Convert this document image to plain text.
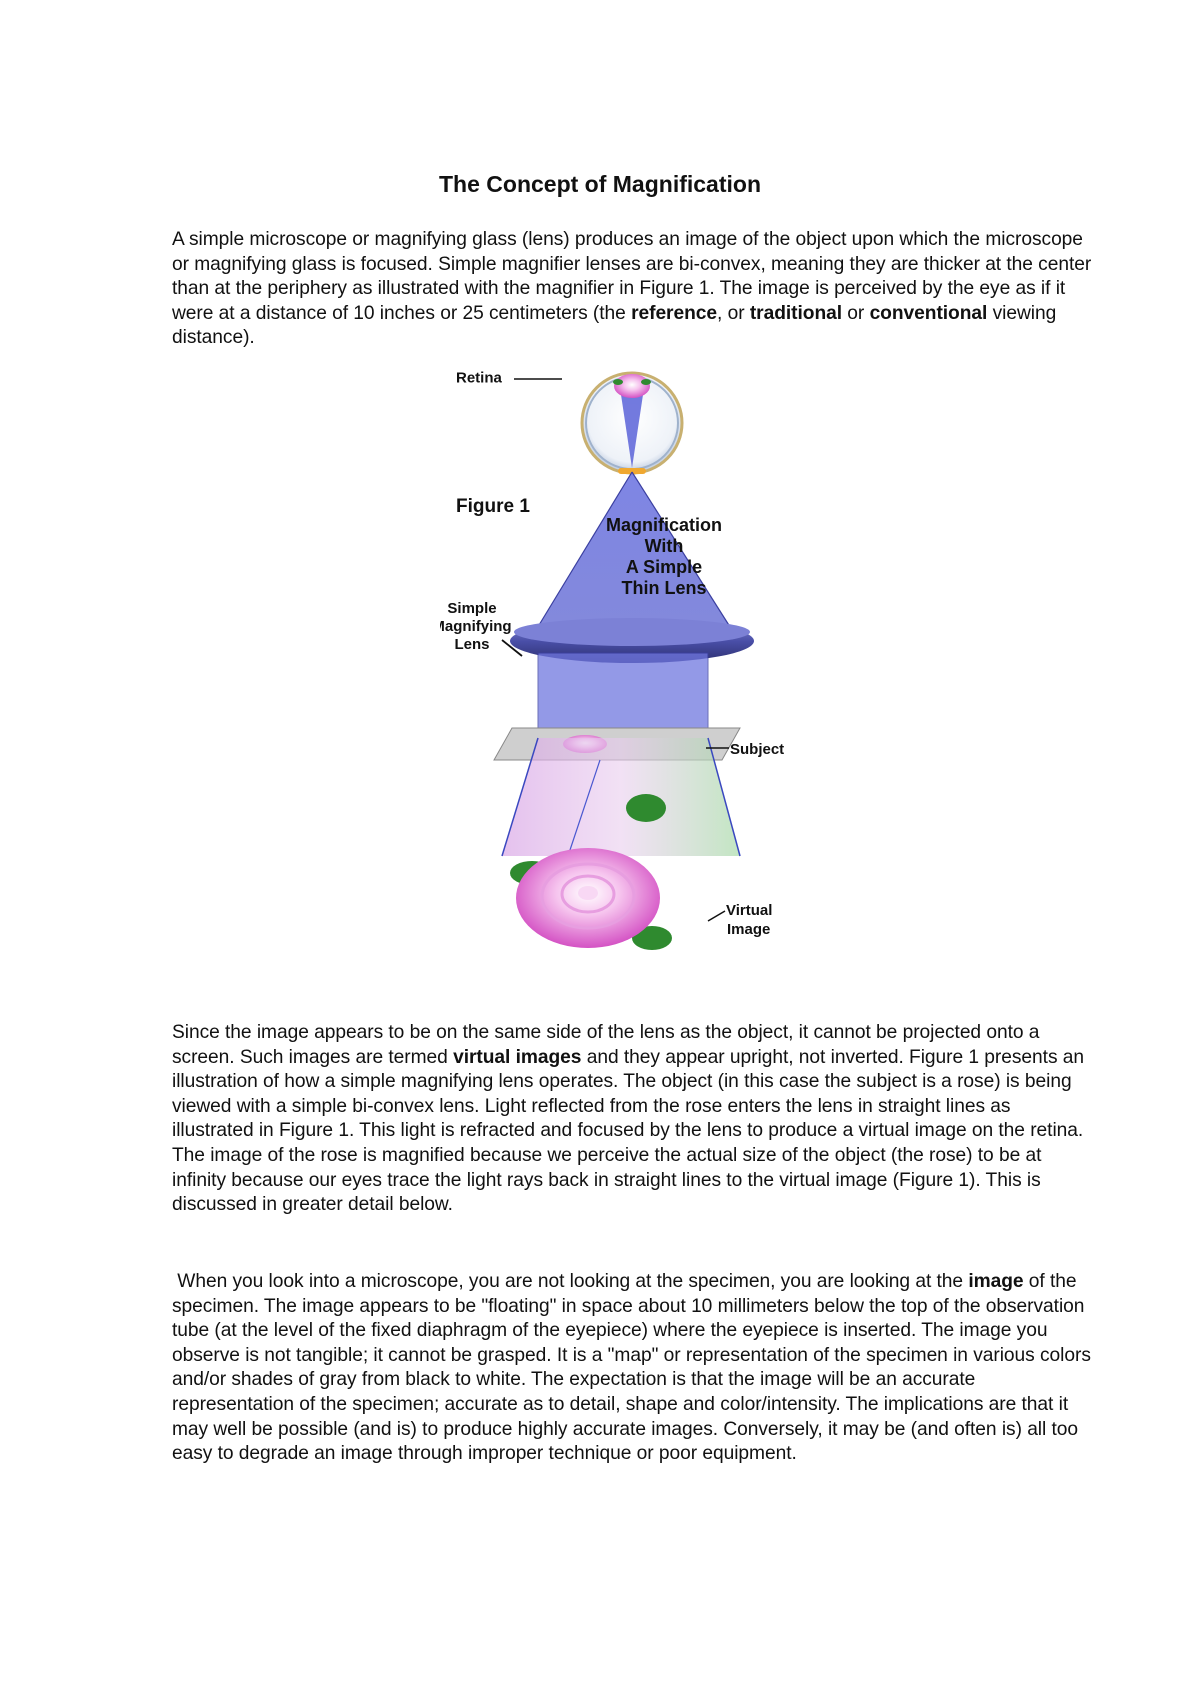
The Concept of Magnification

A simple microscope or magnifying glass (lens) produces an image of the object upon which the microscope or magnifying glass is focused. Simple magnifier lenses are bi-convex, meaning they are thicker at the center than at the periphery as illustrated with the magnifier in Figure 1. The image is perceived by the eye as if it were at a distance of 10 inches or 25 centimeters (the reference, or traditional or conventional viewing distance).

Retina
Figure 1
Magnification
With
A Simple
Thin Lens
Simple
Magnifying
Lens
Subject
Virtual
Image

Since the image appears to be on the same side of the lens as the object, it cannot be projected onto a screen. Such images are termed virtual images and they appear upright, not inverted. Figure 1 presents an illustration of how a simple magnifying lens operates. The object (in this case the subject is a rose) is being viewed with a simple bi-convex lens. Light reflected from the rose enters the lens in straight lines as illustrated in Figure 1. This light is refracted and focused by the lens to produce a virtual image on the retina. The image of the rose is magnified because we perceive the actual size of the object (the rose) to be at infinity because our eyes trace the light rays back in straight lines to the virtual image (Figure 1). This is discussed in greater detail below.

When you look into a microscope, you are not looking at the specimen, you are looking at the image of the specimen. The image appears to be "floating" in space about 10 millimeters below the top of the observation tube (at the level of the fixed diaphragm of the eyepiece) where the eyepiece is inserted. The image you observe is not tangible; it cannot be grasped. It is a "map" or representation of the specimen in various colors and/or shades of gray from black to white. The expectation is that the image will be an accurate representation of the specimen; accurate as to detail, shape and color/intensity. The implications are that it may well be possible (and is) to produce highly accurate images. Conversely, it may be (and often is) all too easy to degrade an image through improper technique or poor equipment.
